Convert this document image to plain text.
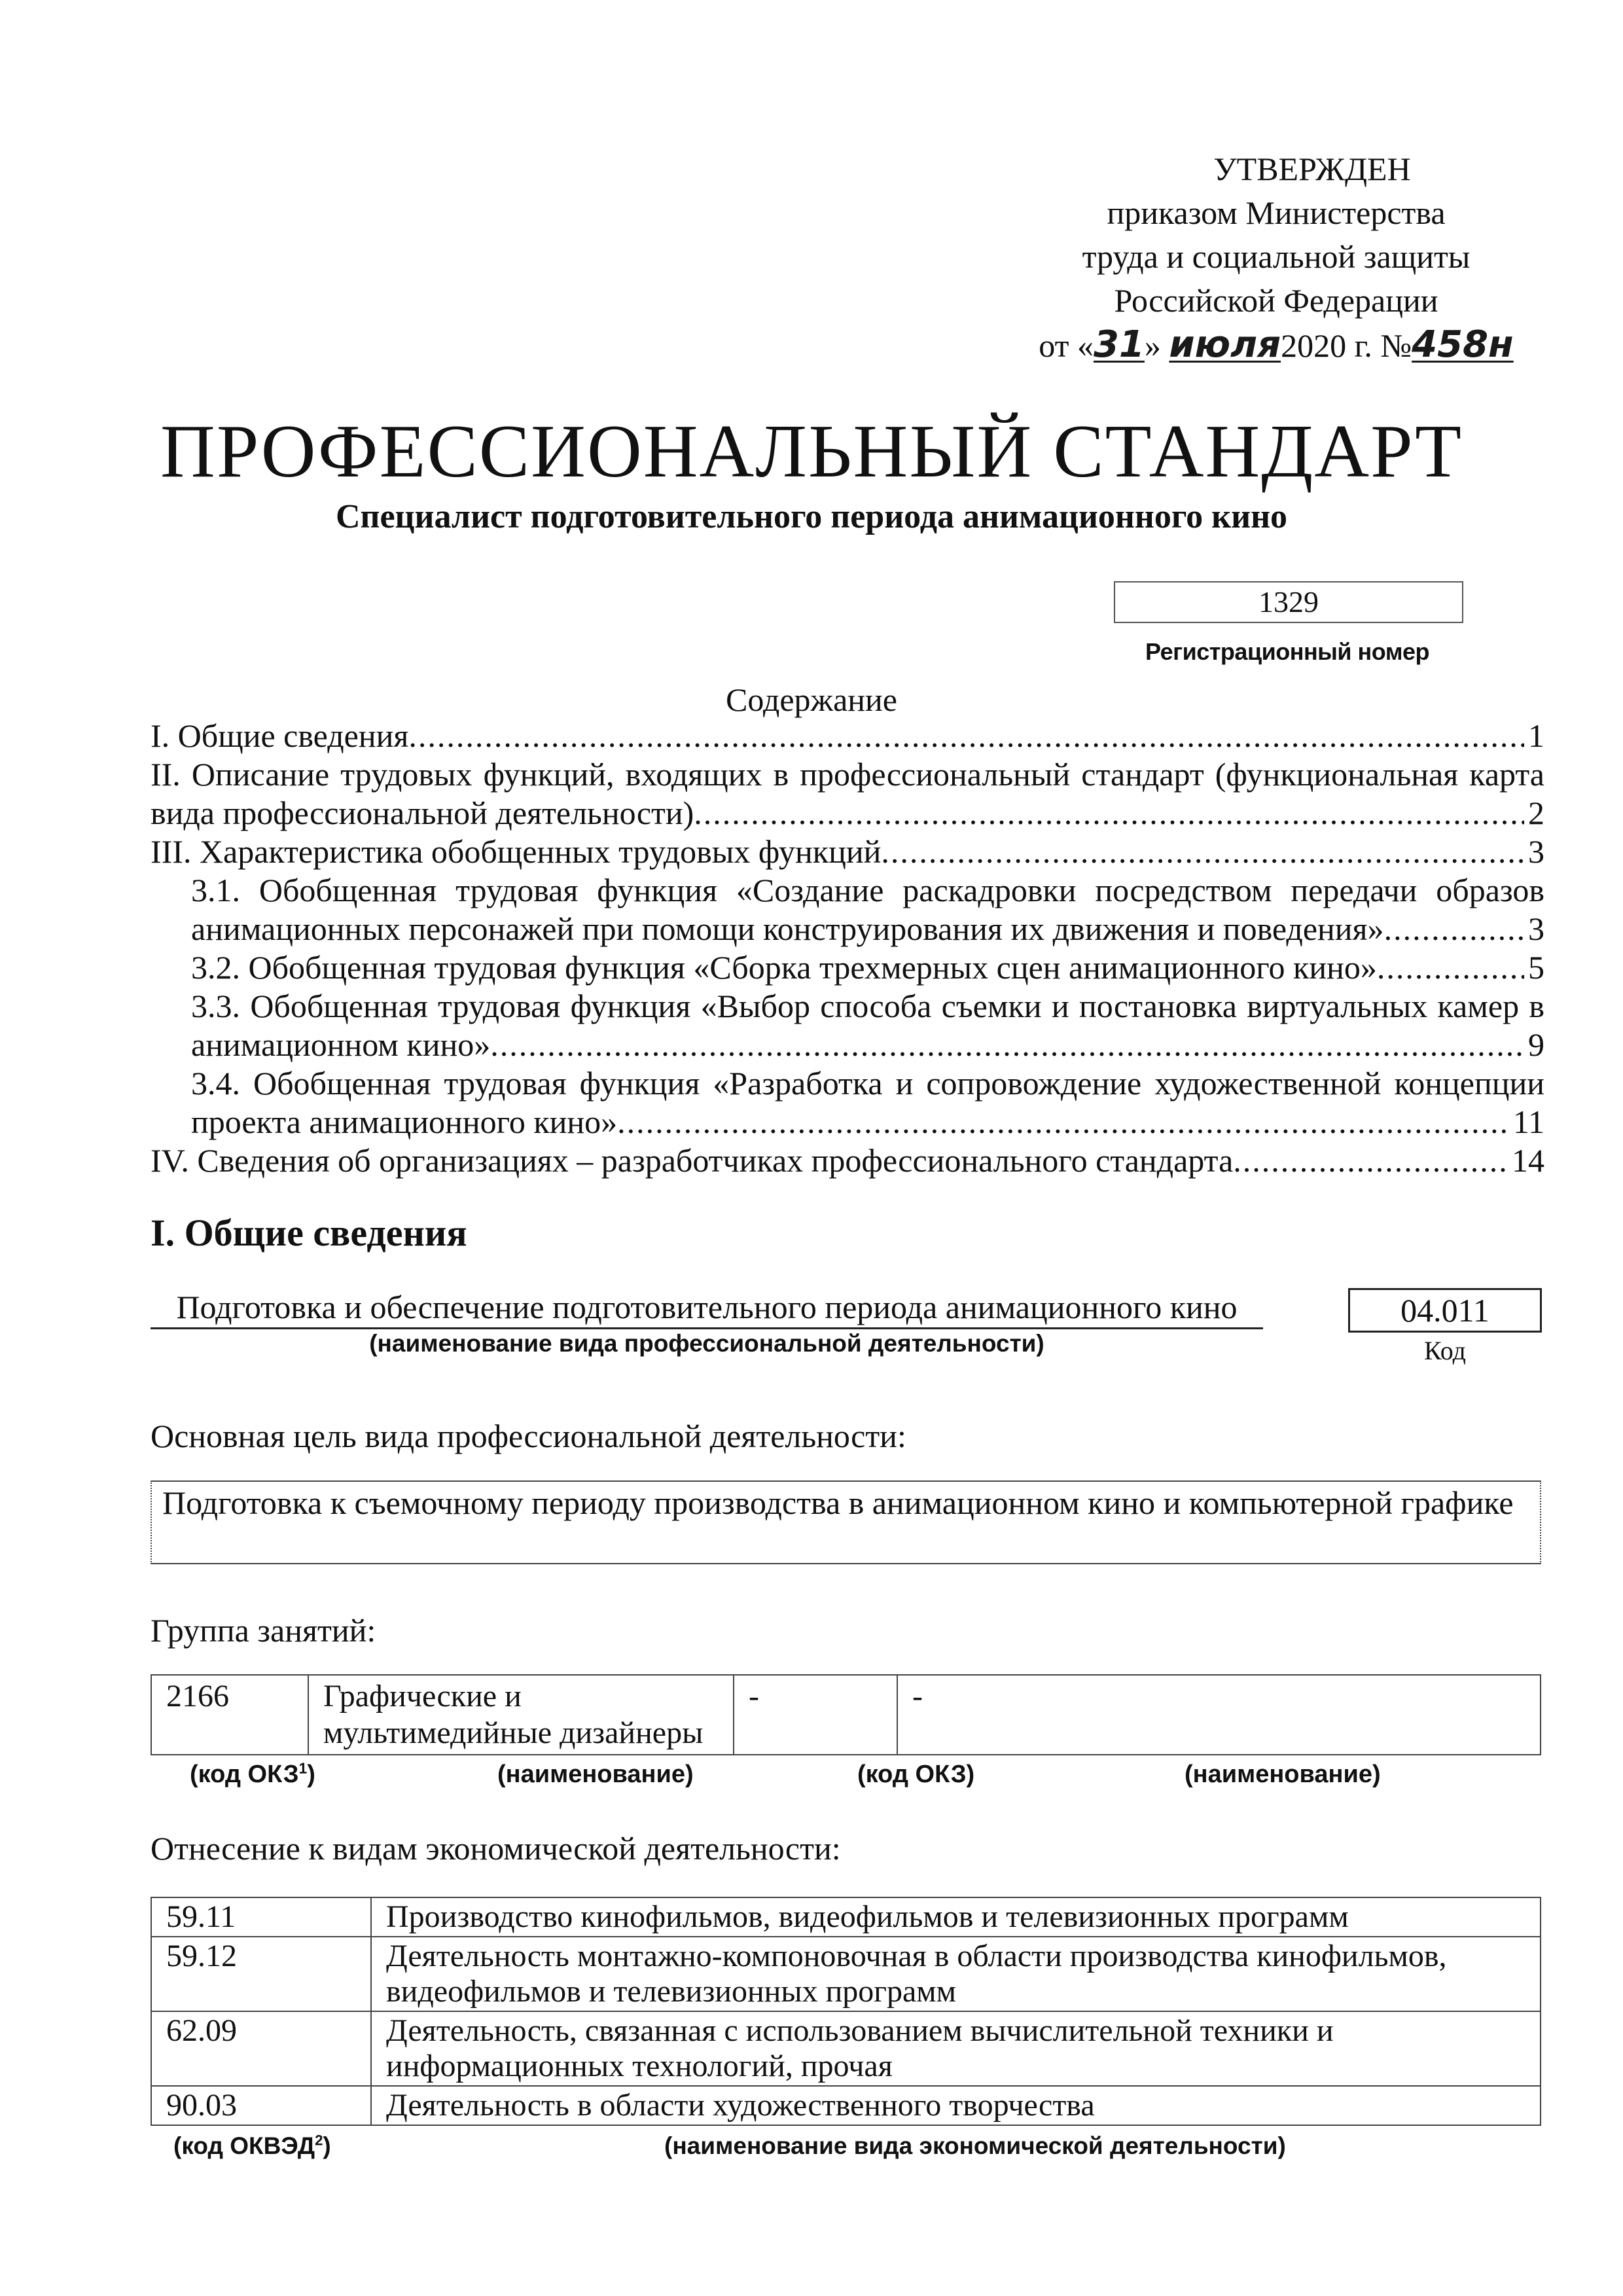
УТВЕРЖДЕН
приказом Министерства
труда и социальной защиты
Российской Федерации
от «31» июля2020 г. №458н
ПРОФЕССИОНАЛЬНЫЙ СТАНДАРТ
Специалист подготовительного периода анимационного кино
1329
Регистрационный номер
Содержание
I. Общие сведения .....	1
II. Описание трудовых функций, входящих в профессиональный стандарт (функциональная карта
вида профессиональной деятельности) .....	2
III. Характеристика обобщенных трудовых функций .....	3
3.1. Обобщенная трудовая функция «Создание раскадровки посредством передачи образов
анимационных персонажей при помощи конструирования их движения и поведения» .....	3
3.2. Обобщенная трудовая функция «Сборка трехмерных сцен анимационного кино» .....	5
3.3. Обобщенная трудовая функция «Выбор способа съемки и постановка виртуальных камер в
анимационном кино» .....	9
3.4. Обобщенная трудовая функция «Разработка и сопровождение художественной концепции
проекта анимационного кино» .....	11
IV. Сведения об организациях – разработчиках профессионального стандарта .....	14
I. Общие сведения
Подготовка и обеспечение подготовительного периода анимационного кино
(наименование вида профессиональной деятельности)
04.011
Код
Основная цель вида профессиональной деятельности:
Подготовка к съемочному периоду производства в анимационном кино и компьютерной графике
Группа занятий:
2166	Графические и мультимедийные дизайнеры	-	-
(код ОКЗ$^1$)	(наименование)	(код ОКЗ)	(наименование)
Отнесение к видам экономической деятельности:
59.11	Производство кинофильмов, видеофильмов и телевизионных программ
59.12	Деятельность монтажно-компоновочная в области производства кинофильмов, видеофильмов и телевизионных программ
62.09	Деятельность, связанная с использованием вычислительной техники и информационных технологий, прочая
90.03	Деятельность в области художественного творчества
(код ОКВЭД$^2$)	(наименование вида экономической деятельности)
